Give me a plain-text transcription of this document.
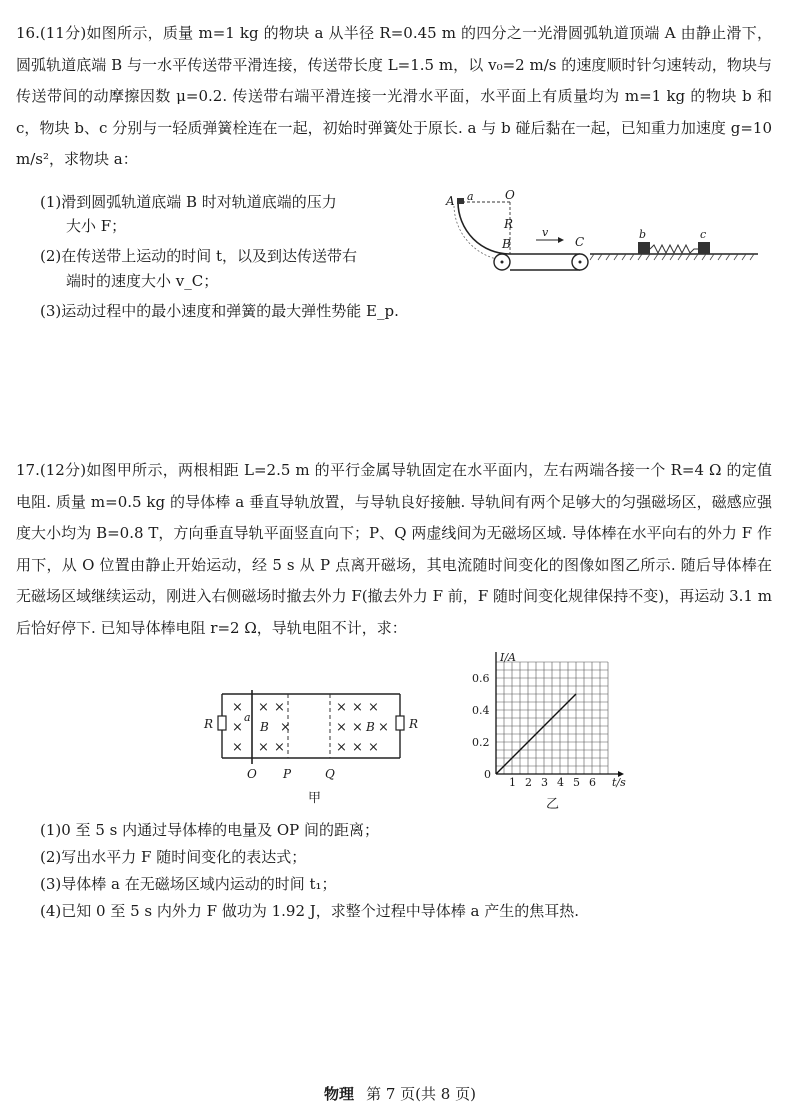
16.(11分)如图所示，质量 m=1 kg 的物块 a 从半径 R=0.45 m 的四分之一光滑圆弧轨道顶端 A 由静止滑下，圆弧轨道底端 B 与一水平传送带平滑连接，传送带长度 L=1.5 m，以 v₀=2 m/s 的速度顺时针匀速转动，物块与传送带间的动摩擦因数 μ=0.2. 传送带右端平滑连接一光滑水平面，水平面上有质量均为 m=1 kg 的物块 b 和 c，物块 b、c 分别与一轻质弹簧栓连在一起，初始时弹簧处于原长. a 与 b 碰后黏在一起，已知重力加速度 g=10 m/s²，求物块 a：

(1)滑到圆弧轨道底端 B 时对轨道底端的压力

大小 F；

(2)在传送带上运动的时间 t，以及到达传送带右

端时的速度大小 v_C；

(3)运动过程中的最小速度和弹簧的最大弹性势能 E_p.

A a	O
R
B
v
C
b	c

17.(12分)如图甲所示，两根相距 L=2.5 m 的平行金属导轨固定在水平面内，左右两端各接一个 R=4 Ω 的定值电阻. 质量 m=0.5 kg 的导体棒 a 垂直导轨放置，与导轨良好接触. 导轨间有两个足够大的匀强磁场区，磁感应强度大小均为 B=0.8 T，方向垂直导轨平面竖直向下；P、Q 两虚线间为无磁场区域. 导体棒在水平向右的外力 F 作用下，从 O 位置由静止开始运动，经 5 s 从 P 点离开磁场，其电流随时间变化的图像如图乙所示. 随后导体棒在无磁场区域继续运动，刚进入右侧磁场时撤去外力 F(撤去外力 F 前，F 随时间变化规律保持不变)，再运动 3.1 m 后恰好停下. 已知导体棒电阻 r=2 Ω，导轨电阻不计，求：

× × ×
×	×
× × ×
× × ×
× × ×
× × ×
R	R
a
B	B
O P	Q
甲
1 2 3 4 5 6
0.2
0.4
0.6
I/A
t/s
0
乙

(1)0 至 5 s 内通过导体棒的电量及 OP 间的距离；

(2)写出水平力 F 随时间变化的表达式；

(3)导体棒 a 在无磁场区域内运动的时间 t₁；

(4)已知 0 至 5 s 内外力 F 做功为 1.92 J，求整个过程中导体棒 a 产生的焦耳热.

物理 第 7 页(共 8 页)
